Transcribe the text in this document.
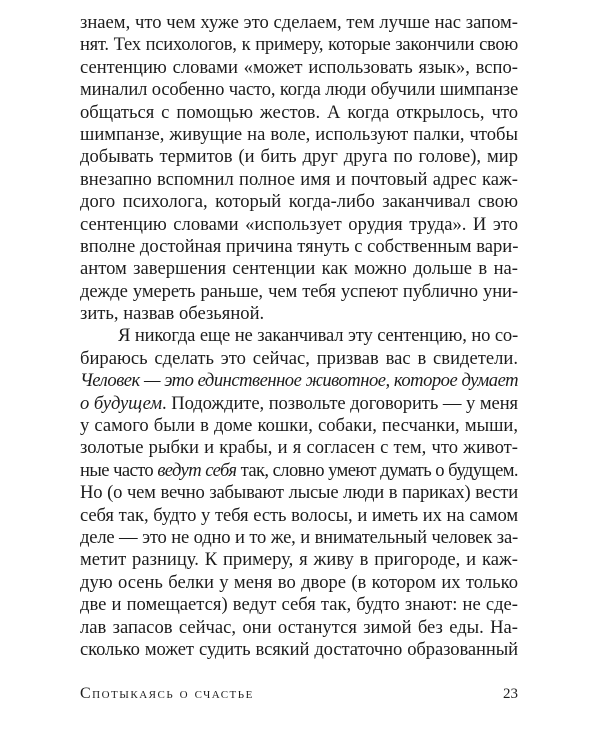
знаем, что чем хуже это сделаем, тем лучше нас запом-
нят. Тех психологов, к примеру, которые закончили свою
сентенцию словами «может использовать язык», вспо-
миналил особенно часто, когда люди обучили шимпанзе
общаться с помощью жестов. А когда открылось, что
шимпанзе, живущие на воле, используют палки, чтобы
добывать термитов (и бить друг друга по голове), мир
внезапно вспомнил полное имя и почтовый адрес каж-
дого психолога, который когда-либо заканчивал свою
сентенцию словами «использует орудия труда». И это
вполне достойная причина тянуть с собственным вари-
антом завершения сентенции как можно дольше в на-
дежде умереть раньше, чем тебя успеют публично уни-
зить, назвав обезьяной.
Я никогда еще не заканчивал эту сентенцию, но со-
бираюсь сделать это сейчас, призвав вас в свидетели.
Человек — это единственное животное, которое думает
о будущем. Подождите, позвольте договорить — у меня
у самого были в доме кошки, собаки, песчанки, мыши,
золотые рыбки и крабы, и я согласен с тем, что живот-
ные часто ведут себя так, словно умеют думать о будущем.
Но (о чем вечно забывают лысые люди в париках) вести
себя так, будто у тебя есть волосы, и иметь их на самом
деле — это не одно и то же, и внимательный человек за-
метит разницу. К примеру, я живу в пригороде, и каж-
дую осень белки у меня во дворе (в котором их только
две и помещается) ведут себя так, будто знают: не сде-
лав запасов сейчас, они останутся зимой без еды. На-
сколько может судить всякий достаточно образованный
Спотыкаясь о счастье	23
